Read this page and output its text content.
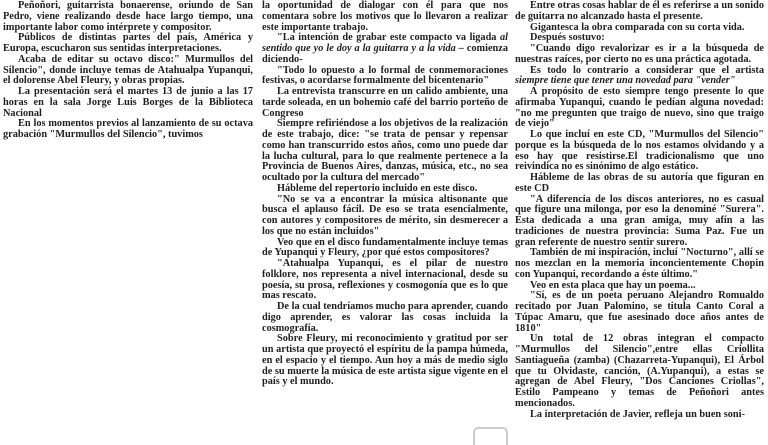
Peñoñori, guitarrista bonaerense, oriundo de San Pedro, viene realizando desde hace largo tiempo, una importante labor como intérprete y compositor.

Públicos de distintas partes del país, América y Europa, escucharon sus sentidas interpretaciones.

Acaba de editar su octavo disco:" Murmullos del Silencio", donde incluye temas de Atahualpa Yupanqui, el dolorense Abel Fleury, y obras propias.

La presentación será el martes 13 de junio a las 17 horas en la sala Jorge Luis Borges de la Biblioteca Nacional

En los momentos previos al lanzamiento de su octava grabación "Murmullos del Silencio", tuvimos

la oportunidad de dialogar con él para que nos comentara sobre los motivos que lo llevaron a realizar este importante trabajo.

"La intención de grabar este compacto va ligada al sentido que yo le doy a la guitarra y a la vida – comienza diciendo-

"Todo lo opuesto a lo formal de conmemoraciones festivas, o acordarse formalmente del bicentenario"

La entrevista transcurre en un calido ambiente, una tarde soleada, en un bohemio café del barrio porteño de Congreso

Siempre refiriéndose a los objetivos de la realización de este trabajo, dice: "se trata de pensar y repensar como han transcurrido estos años, como uno puede dar la lucha cultural, para lo que realmente pertenece a la Provincia de Buenos Aires, danzas, música, etc., no sea ocultado por la cultura del mercado"

Hábleme del repertorio incluido en este disco.

"No se va a encontrar la música altisonante que busca el aplauso fácil. De eso se trata esencialmente, con autores y compositores de mérito, sin desmerecer a los que no están incluidos"

Veo que en el disco fundamentalmente incluye temas de Yupanqui y Fleury, ¿por qué estos compositores?

"Atahualpa Yupanqui, es el pilar de nuestro folklore, nos representa a nivel internacional, desde su poesía, su prosa, reflexiones y cosmogonía que es lo que mas rescato.

De la cual tendríamos mucho para aprender, cuando digo aprender, es valorar las cosas incluida la cosmografía.

Sobre Fleury, mi reconocimiento y gratitud por ser un artista que proyectó el espíritu de la pampa húmeda, en el espacio y el tiempo. Aun hoy a más de medio siglo de su muerte la música de este artista sigue vigente en el país y el mundo.

Entre otras cosas hablar de él es referirse a un sonido de guitarra no alcanzado hasta el presente.

Gigantesca la obra comparada con su corta vida.

Después sostuvo:

"Cuando digo revalorizar es ir a la búsqueda de nuestras raíces, por cierto no es una práctica agotada.

Es todo lo contrario a considerar que el artista siempre tiene que tener una novedad para "vender"

A propósito de esto siempre tengo presente lo que afirmaba Yupanqui, cuando le pedían alguna novedad: "no me pregunten que traigo de nuevo, sino que traigo de viejo"

Lo que incluí en este CD, "Murmullos del Silencio" porque es la búsqueda de lo nos estamos olvidando y a eso hay que resistirse.El tradicionalismo que uno reivindica no es sinónimo de algo estático.

Hábleme de las obras de su autoría que figuran en este CD

"A diferencia de los discos anteriores, no es casual que figure una milonga, por eso la denominé "Surera". Esta dedicada a una gran amiga, muy afín a las tradiciones de nuestra provincia: Suma Paz. Fue un gran referente de nuestro sentir surero.

También de mi inspiración, incluí "Nocturno", allí se nos mezclan en la memoria inconcientemente Chopin con Yupanqui, recordando a éste último."

Veo en esta placa que hay un poema...

"Sí, es de un poeta peruano Alejandro Romualdo recitado por Juan Palomino, se titula Canto Coral a Túpac Amaru, que fue asesinado doce años antes de 1810"

Un total de 12 obras integran el compacto "Murmullos del Silencio",entre ellas Criollita Santiagueña (zamba) (Chazarreta-Yupanqui), El Árbol que tu Olvidaste, canción, (A.Yupanqui), a estas se agregan de Abel Fleury, "Dos Canciones Criollas", Estilo Pampeano y temas de Peñoñori antes mencionados.

La interpretación de Javier, refleja un buen soni-
